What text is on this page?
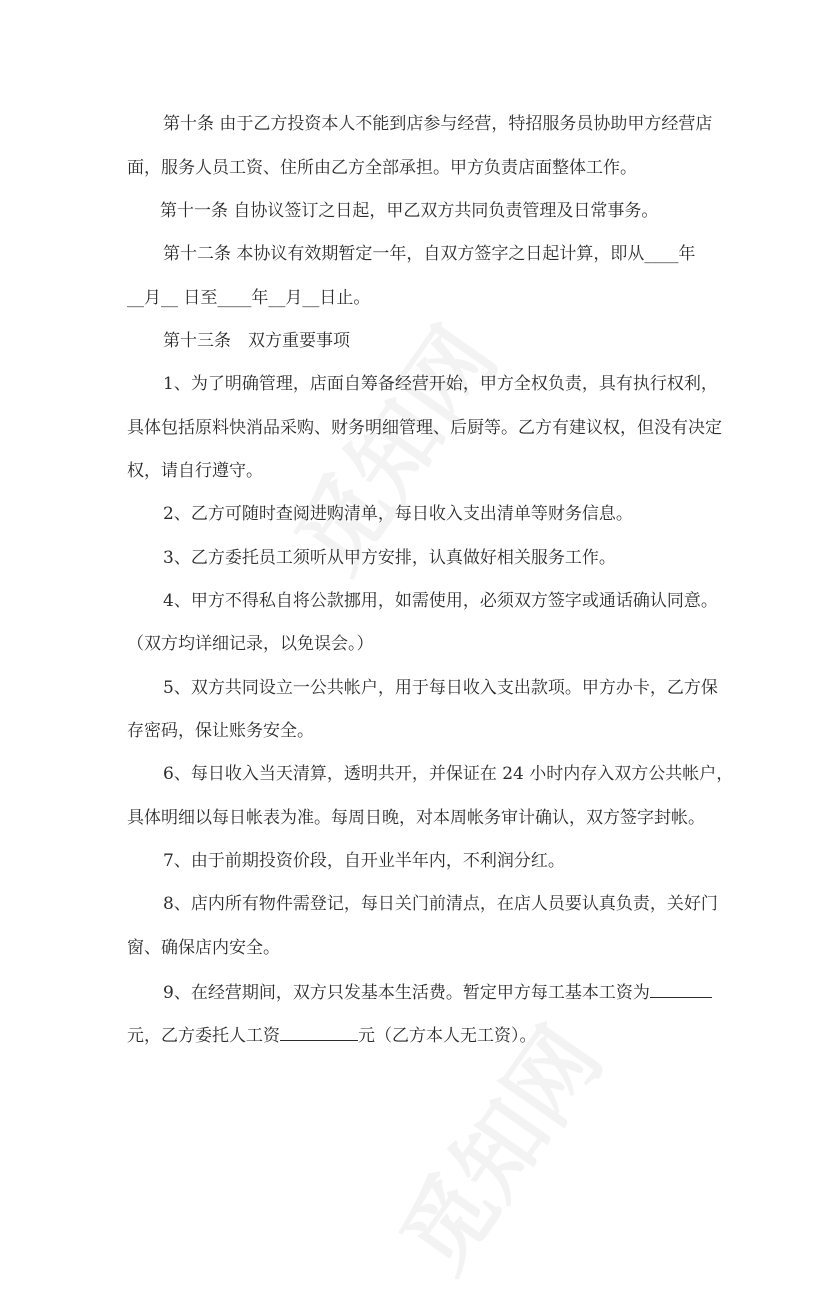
第十条 由于乙方投资本人不能到店参与经营，特招服务员协助甲方经营店
面，服务人员工资、住所由乙方全部承担。甲方负责店面整体工作。
第十一条 自协议签订之日起，甲乙双方共同负责管理及日常事务。
第十二条 本协议有效期暂定一年，自双方签字之日起计算，即从____年
__月__ 日至____年__月__日止。
第十三条　双方重要事项
1、为了明确管理，店面自筹备经营开始，甲方全权负责，具有执行权利，
具体包括原料快消品采购、财务明细管理、后厨等。乙方有建议权，但没有决定
权，请自行遵守。
2、乙方可随时查阅进购清单，每日收入支出清单等财务信息。
3、乙方委托员工须听从甲方安排，认真做好相关服务工作。
4、甲方不得私自将公款挪用，如需使用，必须双方签字或通话确认同意。
（双方均详细记录，以免误会。）
5、双方共同设立一公共帐户，用于每日收入支出款项。甲方办卡，乙方保
存密码，保让账务安全。
6、每日收入当天清算，透明共开，并保证在 24 小时内存入双方公共帐户，
具体明细以每日帐表为准。每周日晚，对本周帐务审计确认，双方签字封帐。
7、由于前期投资价段，自开业半年内，不利润分红。
8、店内所有物件需登记，每日关门前清点，在店人员要认真负责，关好门
窗、确保店内安全。
9、在经营期间，双方只发基本生活费。暂定甲方每工基本工资为
元，乙方委托人工资	元（乙方本人无工资）。
